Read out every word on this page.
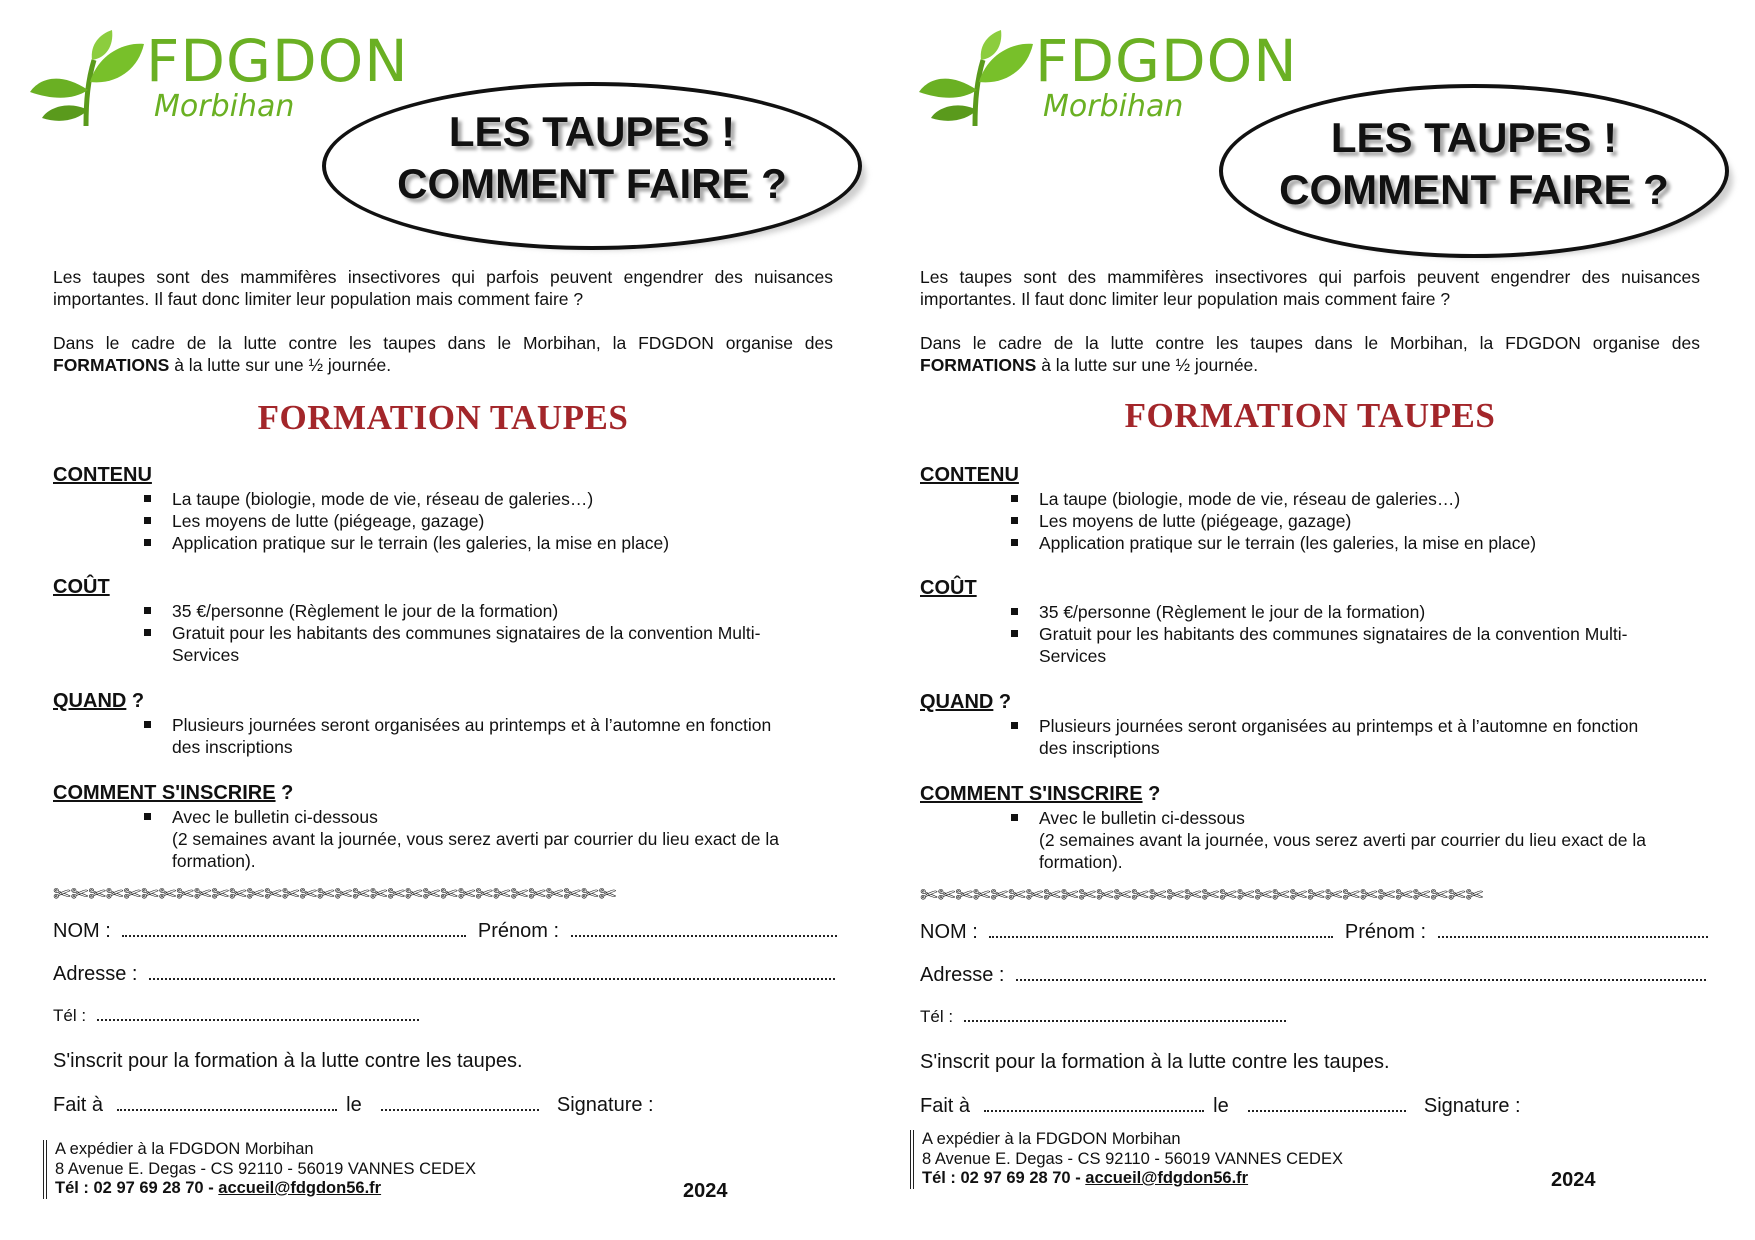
FDGDON
Morbihan
LES TAUPES !
COMMENT FAIRE ?

Les taupes sont des mammifères insectivores qui parfois peuvent engendrer des nuisances importantes. Il faut donc limiter leur population mais comment faire ?

Dans le cadre de la lutte contre les taupes dans le Morbihan, la FDGDON organise des FORMATIONS à la lutte sur une ½ journée.

FORMATION TAUPES
CONTENU
La taupe (biologie, mode de vie, réseau de galeries…)
Les moyens de lutte (piégeage, gazage)
Application pratique sur le terrain (les galeries, la mise en place)
COÛT
35 €/personne (Règlement le jour de la formation)
Gratuit pour les habitants des communes signataires de la convention Multi-
Services
QUAND ?
Plusieurs journées seront organisées au printemps et à l’automne en fonction
des inscriptions
COMMENT S'INSCRIRE ?
Avec le bulletin ci-dessous
(2 semaines avant la journée, vous serez averti par courrier du lieu exact de la
formation).
✄✄✄✄✄✄✄✄✄✄✄✄✄✄✄✄✄✄✄✄✄✄✄✄✄✄✄✄✄✄✄✄
NOM :	Prénom :
Adresse :
Tél :
S'inscrit pour la formation à la lutte contre les taupes.
Fait à	le	Signature :
A expédier à la FDGDON Morbihan
8 Avenue E. Degas - CS 92110 - 56019 VANNES CEDEX
Tél : 02 97 69 28 70 - accueil@fdgdon56.fr	2024
FDGDON
Morbihan
LES TAUPES !
COMMENT FAIRE ?

Les taupes sont des mammifères insectivores qui parfois peuvent engendrer des nuisances importantes. Il faut donc limiter leur population mais comment faire ?

Dans le cadre de la lutte contre les taupes dans le Morbihan, la FDGDON organise des FORMATIONS à la lutte sur une ½ journée.

FORMATION TAUPES
CONTENU
La taupe (biologie, mode de vie, réseau de galeries…)
Les moyens de lutte (piégeage, gazage)
Application pratique sur le terrain (les galeries, la mise en place)
COÛT
35 €/personne (Règlement le jour de la formation)
Gratuit pour les habitants des communes signataires de la convention Multi-
Services
QUAND ?
Plusieurs journées seront organisées au printemps et à l’automne en fonction
des inscriptions
COMMENT S'INSCRIRE ?
Avec le bulletin ci-dessous
(2 semaines avant la journée, vous serez averti par courrier du lieu exact de la
formation).
✄✄✄✄✄✄✄✄✄✄✄✄✄✄✄✄✄✄✄✄✄✄✄✄✄✄✄✄✄✄✄✄
NOM :	Prénom :
Adresse :
Tél :
S'inscrit pour la formation à la lutte contre les taupes.
Fait à	le	Signature :
A expédier à la FDGDON Morbihan
8 Avenue E. Degas - CS 92110 - 56019 VANNES CEDEX
Tél : 02 97 69 28 70 - accueil@fdgdon56.fr	2024
